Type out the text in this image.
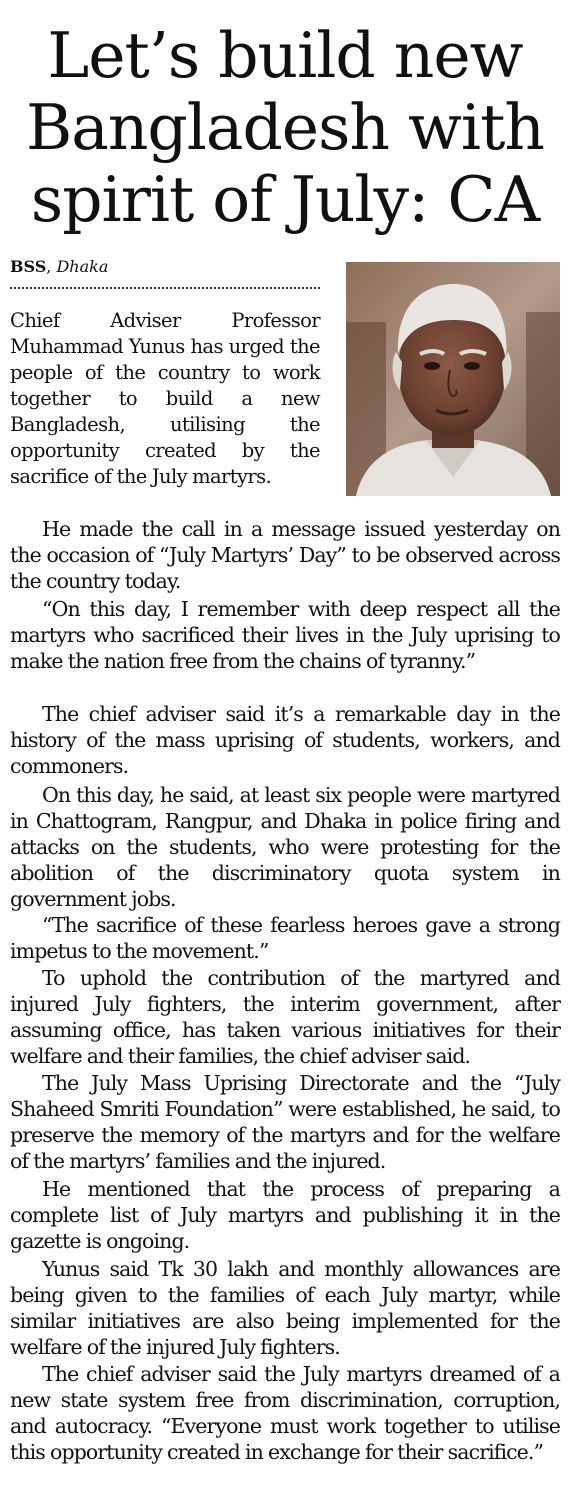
Let’s build new
Bangladesh with
spirit of July: CA
BSS, Dhaka

Chief Adviser Professor Muhammad Yunus has urged the people of the country to work together to build a new Bangladesh, utilising the opportunity created by the sacrifice of the July martyrs.

He made the call in a message issued yesterday on the occasion of “July Martyrs’ Day” to be observed across the country today.

“On this day, I remember with deep respect all the martyrs who sacrificed their lives in the July uprising to make the nation free from the chains of tyranny.”

The chief adviser said it’s a remarkable day in the history of the mass uprising of students, workers, and commoners.

On this day, he said, at least six people were martyred in Chattogram, Rangpur, and Dhaka in police firing and attacks on the students, who were protesting for the abolition of the discriminatory quota system in government jobs.

“The sacrifice of these fearless heroes gave a strong impetus to the movement.”

To uphold the contribution of the martyred and injured July fighters, the interim government, after assuming office, has taken various initiatives for their welfare and their families, the chief adviser said.

The July Mass Uprising Directorate and the “July Shaheed Smriti Foundation” were established, he said, to preserve the memory of the martyrs and for the welfare of the martyrs’ families and the injured.

He mentioned that the process of preparing a complete list of July martyrs and publishing it in the gazette is ongoing.

Yunus said Tk 30 lakh and monthly allowances are being given to the families of each July martyr, while similar initiatives are also being implemented for the welfare of the injured July fighters.

The chief adviser said the July martyrs dreamed of a new state system free from discrimination, corruption, and autocracy. “Everyone must work together to utilise this opportunity created in exchange for their sacrifice.”
